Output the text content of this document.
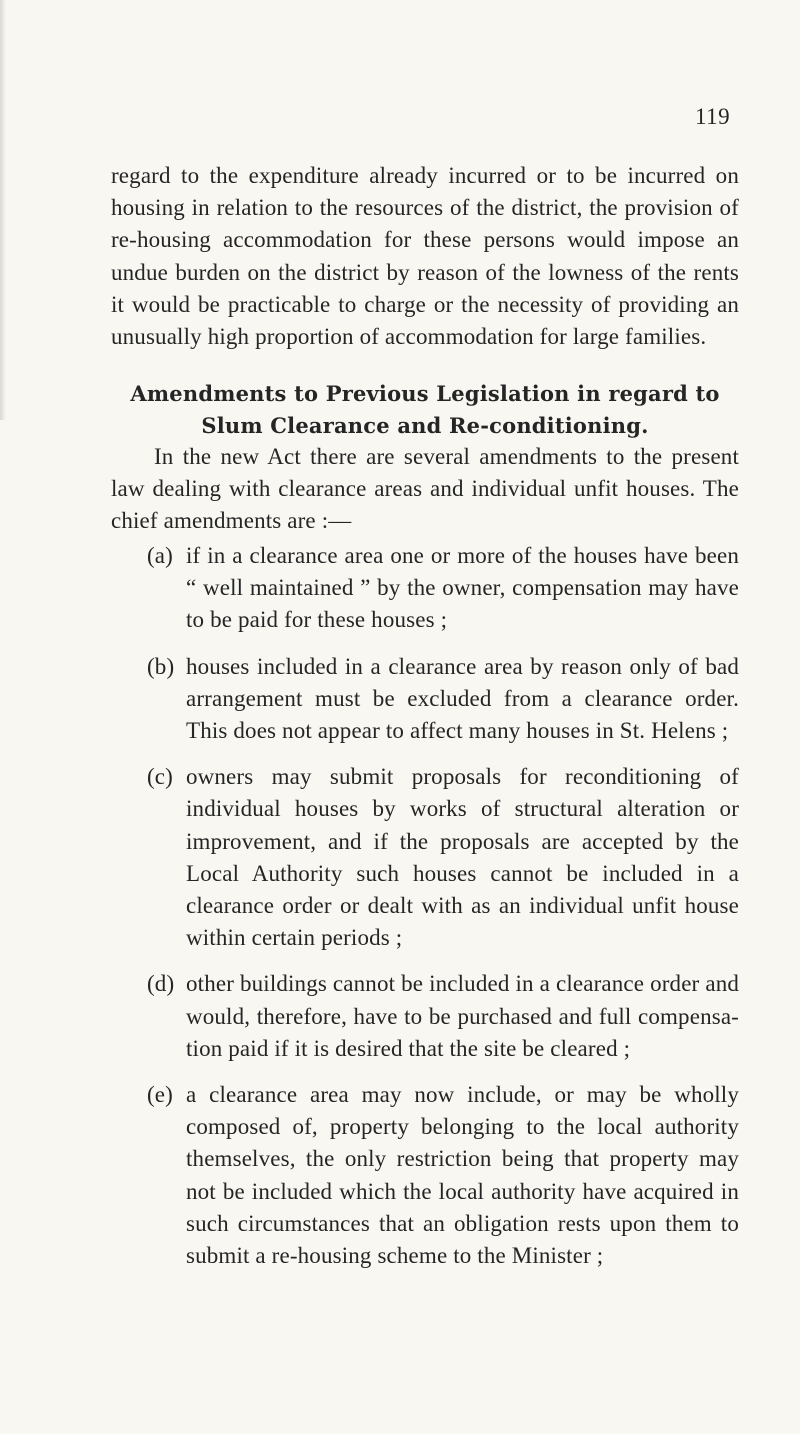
119

regard to the expenditure already incurred or to be incurred on housing in relation to the resources of the district, the provision of re-housing accommodation for these persons would impose an undue burden on the district by reason of the lowness of the rents it would be practicable to charge or the necessity of providing an unusually high proportion of accommodation for large families.

Amendments to Previous Legislation in regard to
Slum Clearance and Re-conditioning.

In the new Act there are several amendments to the present law dealing with clearance areas and individual unfit houses. The chief amendments are :—

(a) if in a clearance area one or more of the houses have been “ well maintained ” by the owner, compensation may have to be paid for these houses ;
(b) houses included in a clearance area by reason only of bad arrangement must be excluded from a clearance order. This does not appear to affect many houses in St. Helens ;
(c) owners may submit proposals for reconditioning of individual houses by works of structural alteration or improvement, and if the proposals are accepted by the Local Authority such houses cannot be included in a clearance order or dealt with as an individual unfit house within certain periods ;
(d) other buildings cannot be included in a clearance order and would, therefore, have to be purchased and full compensa-tion paid if it is desired that the site be cleared ;
(e) a clearance area may now include, or may be wholly composed of, property belonging to the local authority themselves, the only restriction being that property may not be included which the local authority have acquired in such circumstances that an obligation rests upon them to submit a re-housing scheme to the Minister ;
